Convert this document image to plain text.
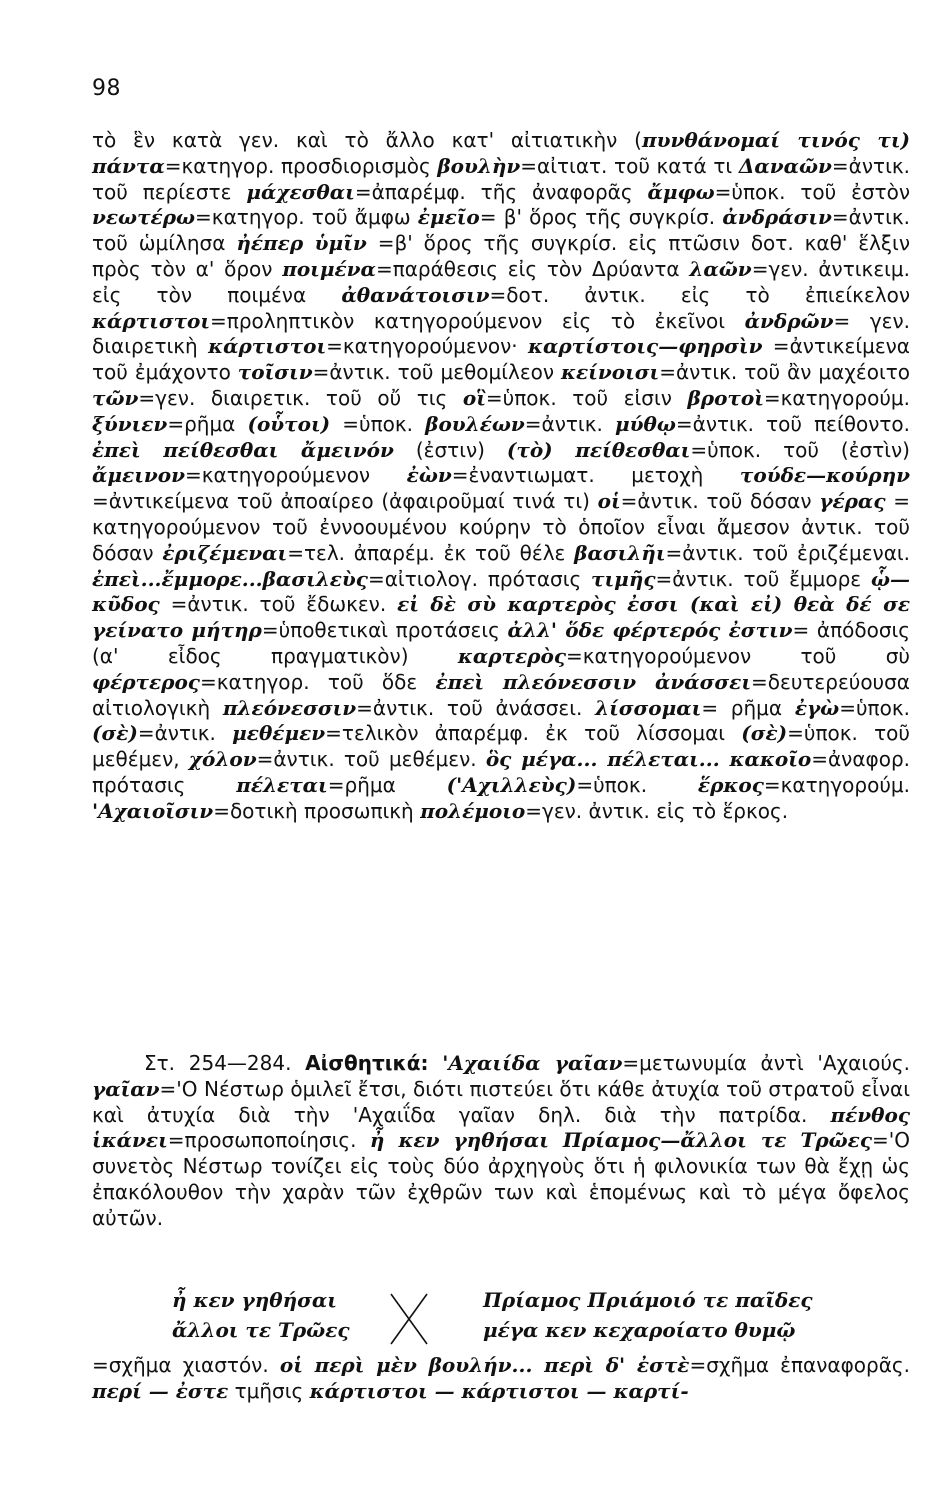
98

τὸ ἓν κατὰ γεν. καὶ τὸ ἄλλο κατ' αἰτιατικὴν (πυνθάνομαί τινός τι) πάντα=κατηγορ. προσδιορισμὸς βουλὴν=αἰτιατ. τοῦ κατά τι Δαναῶν=ἀντικ. τοῦ περίεστε μάχεσθαι=ἀπαρέμφ. τῆς ἀναφορᾶς ἄμφω=ὑποκ. τοῦ ἐστὸν νεωτέρω=κατηγορ. τοῦ ἄμφω ἐμεῖο= β' ὅρος τῆς συγκρίσ. ἀνδράσιν=ἀντικ. τοῦ ὡμίλησα ἠέπερ ὑμῖν =β' ὅρος τῆς συγκρίσ. εἰς πτῶσιν δοτ. καθ' ἕλξιν πρὸς τὸν α' ὅρον ποιμένα=παράθεσις εἰς τὸν Δρύαντα λαῶν=γεν. ἀντικειμ. εἰς τὸν ποιμένα ἀθανάτοισιν=δοτ. ἀντικ. εἰς τὸ ἐπιείκελον κάρτιστοι=προληπτικὸν κατηγορούμενον εἰς τὸ ἐκεῖνοι ἀνδρῶν= γεν. διαιρετικὴ κάρτιστοι=κατηγορούμενον· καρτίστοις—φηρσὶν =ἀντικείμενα τοῦ ἐμάχοντο τοῖσιν=ἀντικ. τοῦ μεθομίλεον κείνοισι=ἀντικ. τοῦ ἂν μαχέοιτο τῶν=γεν. διαιρετικ. τοῦ οὔ τις οἳ=ὑποκ. τοῦ εἰσιν βροτοὶ=κατηγορούμ. ξύνιεν=ρῆμα (οὗτοι) =ὑποκ. βουλέων=ἀντικ. μύθῳ=ἀντικ. τοῦ πείθοντο. ἐπεὶ πείθεσθαι ἄμεινόν (ἐστιν) (τὸ) πείθεσθαι=ὑποκ. τοῦ (ἐστὶν) ἄμεινον=κατηγορούμενον ἐὼν=ἐναντιωματ. μετοχὴ τούδε—κούρην =ἀντικείμενα τοῦ ἀποαίρεο (ἀφαιροῦμαί τινά τι) οἱ=ἀντικ. τοῦ δόσαν γέρας = κατηγορούμενον τοῦ ἐννοουμένου κούρην τὸ ὁποῖον εἶναι ἄμεσον ἀντικ. τοῦ δόσαν ἐριζέμεναι=τελ. ἀπαρέμ. ἐκ τοῦ θέλε βασιλῆι=ἀντικ. τοῦ ἐριζέμεναι. ἐπεὶ...ἔμμορε...βασιλεὺς=αἰτιολογ. πρότασις τιμῆς=ἀντικ. τοῦ ἔμμορε ᾧ—κῦδος =ἀντικ. τοῦ ἔδωκεν. εἰ δὲ σὺ καρτερὸς ἐσσι (καὶ εἰ) θεὰ δέ σε γείνατο μήτηρ=ὑποθετικαὶ προτάσεις ἀλλ' ὅδε φέρτερός ἐστιν= ἀπόδοσις (α' εἶδος πραγματικὸν) καρτερὸς=κατηγορούμενον τοῦ σὺ φέρτερος=κατηγορ. τοῦ ὅδε ἐπεὶ πλεόνεσσιν ἀνάσσει=δευτερεύουσα αἰτιολογικὴ πλεόνεσσιν=ἀντικ. τοῦ ἀνάσσει. λίσσομαι= ρῆμα ἐγὼ=ὑποκ. (σὲ)=ἀντικ. μεθέμεν=τελικὸν ἀπαρέμφ. ἐκ τοῦ λίσσομαι (σὲ)=ὑποκ. τοῦ μεθέμεν, χόλον=ἀντικ. τοῦ μεθέμεν. ὃς μέγα... πέλεται... κακοῖο=ἀναφορ. πρότασις πέλεται=ρῆμα ('Αχιλλεὺς)=ὑποκ. ἕρκος=κατηγορούμ. 'Αχαιοῖσιν=δοτικὴ προσωπικὴ πολέμοιο=γεν. ἀντικ. εἰς τὸ ἕρκος.

Στ. 254—284. Αἰσθητικά: 'Αχαιίδα γαῖαν=μετωνυμία ἀντὶ 'Αχαιούς. γαῖαν='Ο Νέστωρ ὁμιλεῖ ἔτσι, διότι πιστεύει ὅτι κάθε ἀτυχία τοῦ στρατοῦ εἶναι καὶ ἀτυχία διὰ τὴν 'Αχαιΐδα γαῖαν δηλ. διὰ τὴν πατρίδα. πένθος ἱκάνει=προσωποποίησις. ἦ κεν γηθήσαι Πρίαμος—ἄλλοι τε Τρῶες='Ο συνετὸς Νέστωρ τονίζει εἰς τοὺς δύο ἀρχηγοὺς ὅτι ἡ φιλονικία των θὰ ἔχῃ ὡς ἐπακόλουθον τὴν χαρὰν τῶν ἐχθρῶν των καὶ ἑπομένως καὶ τὸ μέγα ὄφελος αὐτῶν.

ἦ κεν γηθήσαι
ἄλλοι τε Τρῶες
Πρίαμος Πριάμοιό τε παῖδες
μέγα κεν κεχαροίατο θυμῷ

=σχῆμα χιαστόν. οἱ περὶ μὲν βουλήν... περὶ δ' ἐστὲ=σχῆμα ἐπαναφορᾶς. περί — ἐστε τμῆσις κάρτιστοι — κάρτιστοι — καρτί-
